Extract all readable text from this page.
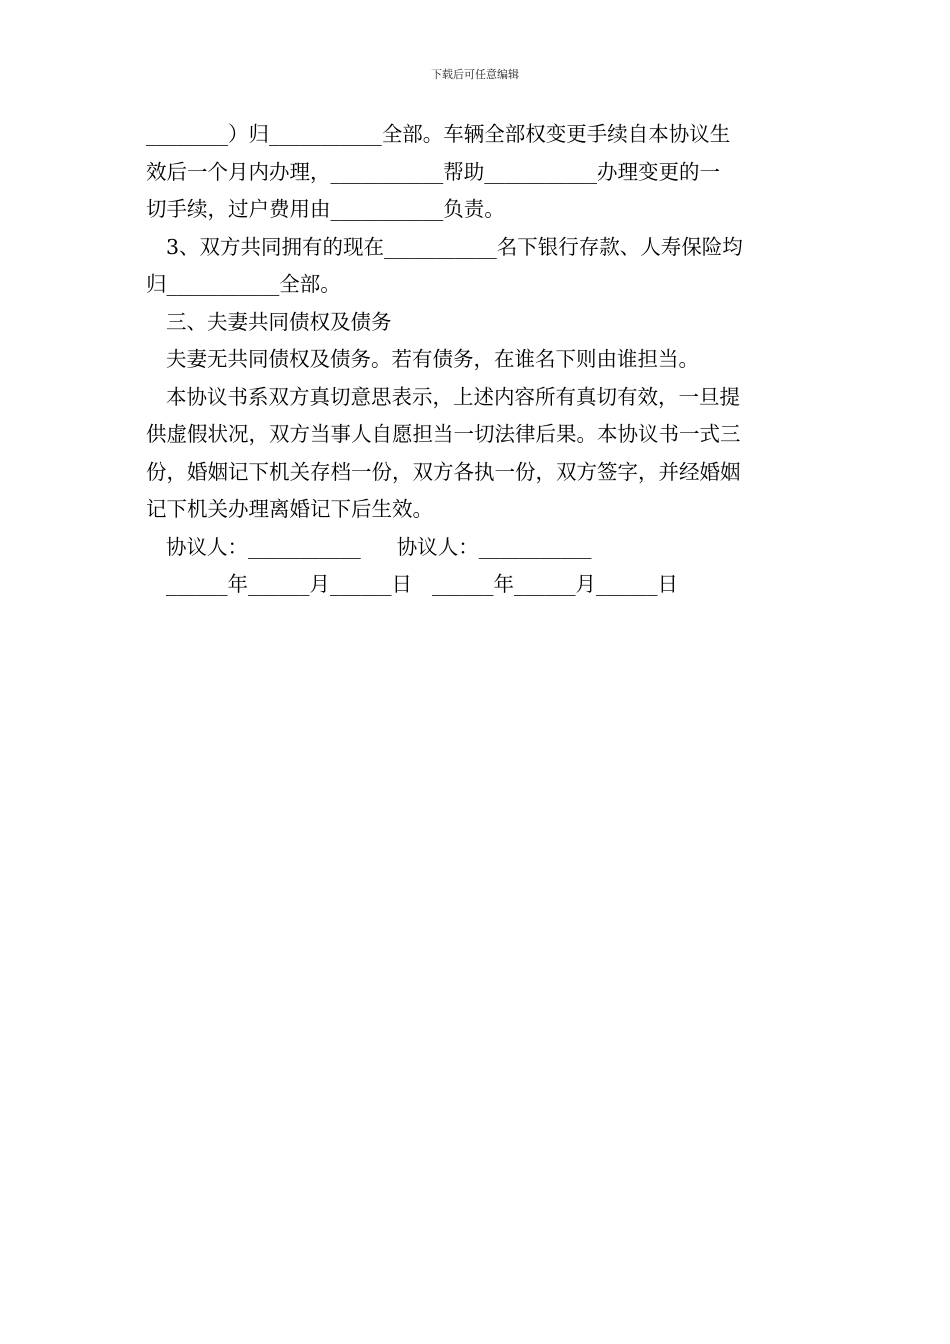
下载后可任意编辑

________）归___________全部。车辆全部权变更手续自本协议生

效后一个月内办理，___________帮助___________办理变更的一

切手续，过户费用由___________负责。

3、双方共同拥有的现在___________名下银行存款、人寿保险均

归___________全部。

三、夫妻共同债权及债务

夫妻无共同债权及债务。若有债务，在谁名下则由谁担当。

本协议书系双方真切意思表示，上述内容所有真切有效，一旦提

供虚假状况，双方当事人自愿担当一切法律后果。本协议书一式三

份，婚姻记下机关存档一份，双方各执一份，双方签字，并经婚姻

记下机关办理离婚记下后生效。

协议人：___________ 协议人：___________

______年______月______日 ______年______月______日
